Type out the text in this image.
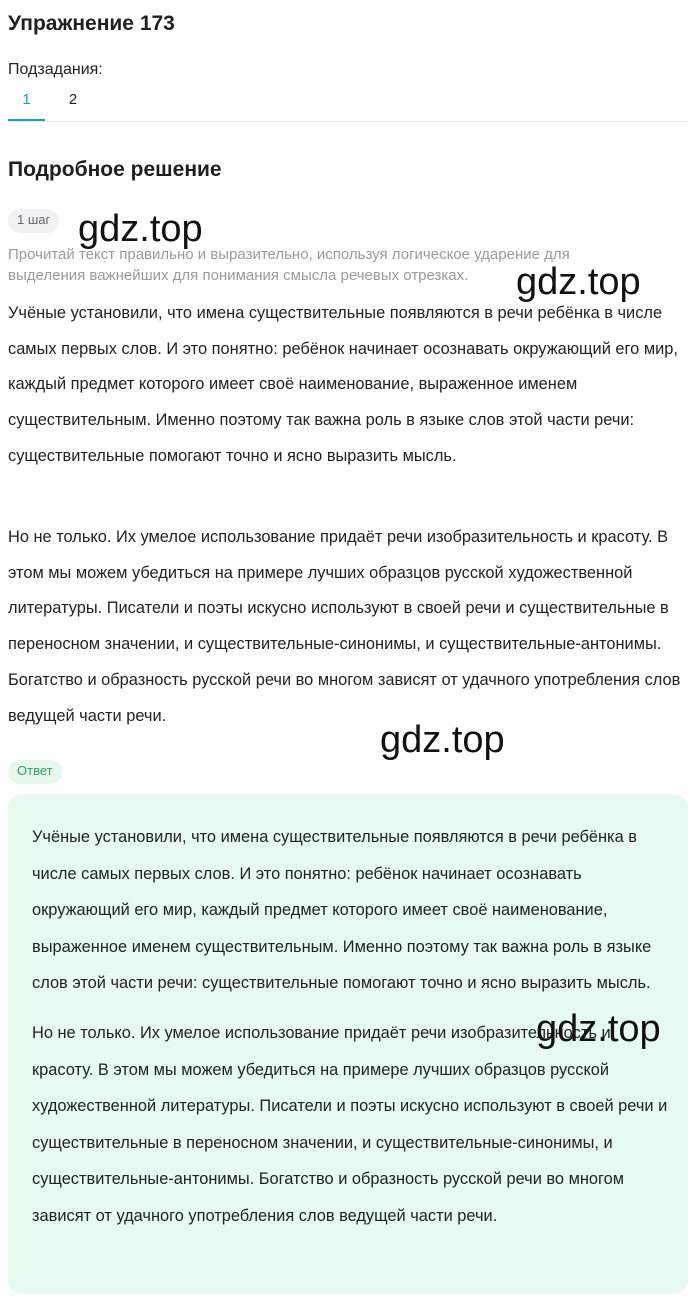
Упражнение 173
Подзадания:
1	2
Подробное решение
1 шаг
Прочитай текст правильно и выразительно, используя логическое ударение для выделения важнейших для понимания смысла речевых отрезках.
Учёные установили, что имена существительные появляются в речи ребёнка в числе самых первых слов. И это понятно: ребёнок начинает осознавать окружающий его мир, каждый предмет которого имеет своё наименование, выраженное именем существительным. Именно поэтому так важна роль в языке слов этой части речи: существительные помогают точно и ясно выразить мысль.
Но не только. Их умелое использование придаёт речи изобразительность и красоту. В этом мы можем убедиться на примере лучших образцов русской художественной литературы. Писатели и поэты искусно используют в своей речи и существительные в переносном значении, и существительные-синонимы, и существительные-антонимы. Богатство и образность русской речи во многом зависят от удачного употребления слов ведущей части речи.
Ответ
Учёные установили, что имена существительные появляются в речи ребёнка в числе самых первых слов. И это понятно: ребёнок начинает осознавать окружающий его мир, каждый предмет которого имеет своё наименование, выраженное именем существительным. Именно поэтому так важна роль в языке слов этой части речи: существительные помогают точно и ясно выразить мысль.
Но не только. Их умелое использование придаёт речи изобразительность и красоту. В этом мы можем убедиться на примере лучших образцов русской художественной литературы. Писатели и поэты искусно используют в своей речи и существительные в переносном значении, и существительные-синонимы, и существительные-антонимы. Богатство и образность русской речи во многом зависят от удачного употребления слов ведущей части речи.
gdz.top
gdz.top
gdz.top
gdz.top
